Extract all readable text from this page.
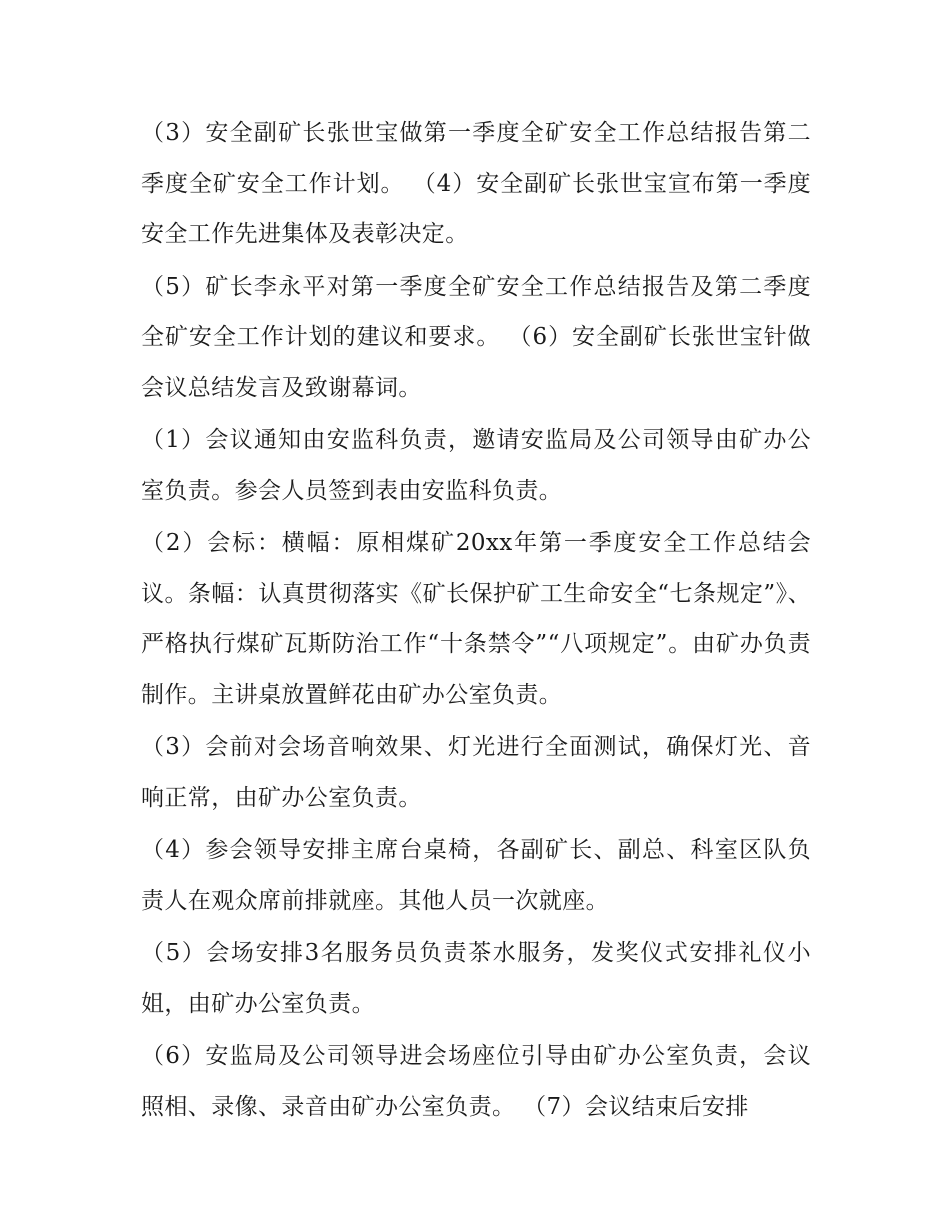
（3）安全副矿长张世宝做第一季度全矿安全工作总结报告第二季度全矿安全工作计划。 （4）安全副矿长张世宝宣布第一季度安全工作先进集体及表彰决定。

（5）矿长李永平对第一季度全矿安全工作总结报告及第二季度全矿安全工作计划的建议和要求。 （6）安全副矿长张世宝针做会议总结发言及致谢幕词。

（1）会议通知由安监科负责，邀请安监局及公司领导由矿办公室负责。参会人员签到表由安监科负责。

（2）会标：横幅：原相煤矿20xx年第一季度安全工作总结会议。条幅：认真贯彻落实《矿长保护矿工生命安全“七条规定”》、严格执行煤矿瓦斯防治工作“十条禁令”“八项规定”。由矿办负责制作。主讲桌放置鲜花由矿办公室负责。

（3）会前对会场音响效果、灯光进行全面测试，确保灯光、音响正常，由矿办公室负责。

（4）参会领导安排主席台桌椅，各副矿长、副总、科室区队负责人在观众席前排就座。其他人员一次就座。

（5）会场安排3名服务员负责茶水服务，发奖仪式安排礼仪小姐，由矿办公室负责。

（6）安监局及公司领导进会场座位引导由矿办公室负责，会议照相、录像、录音由矿办公室负责。 （7）会议结束后安排
